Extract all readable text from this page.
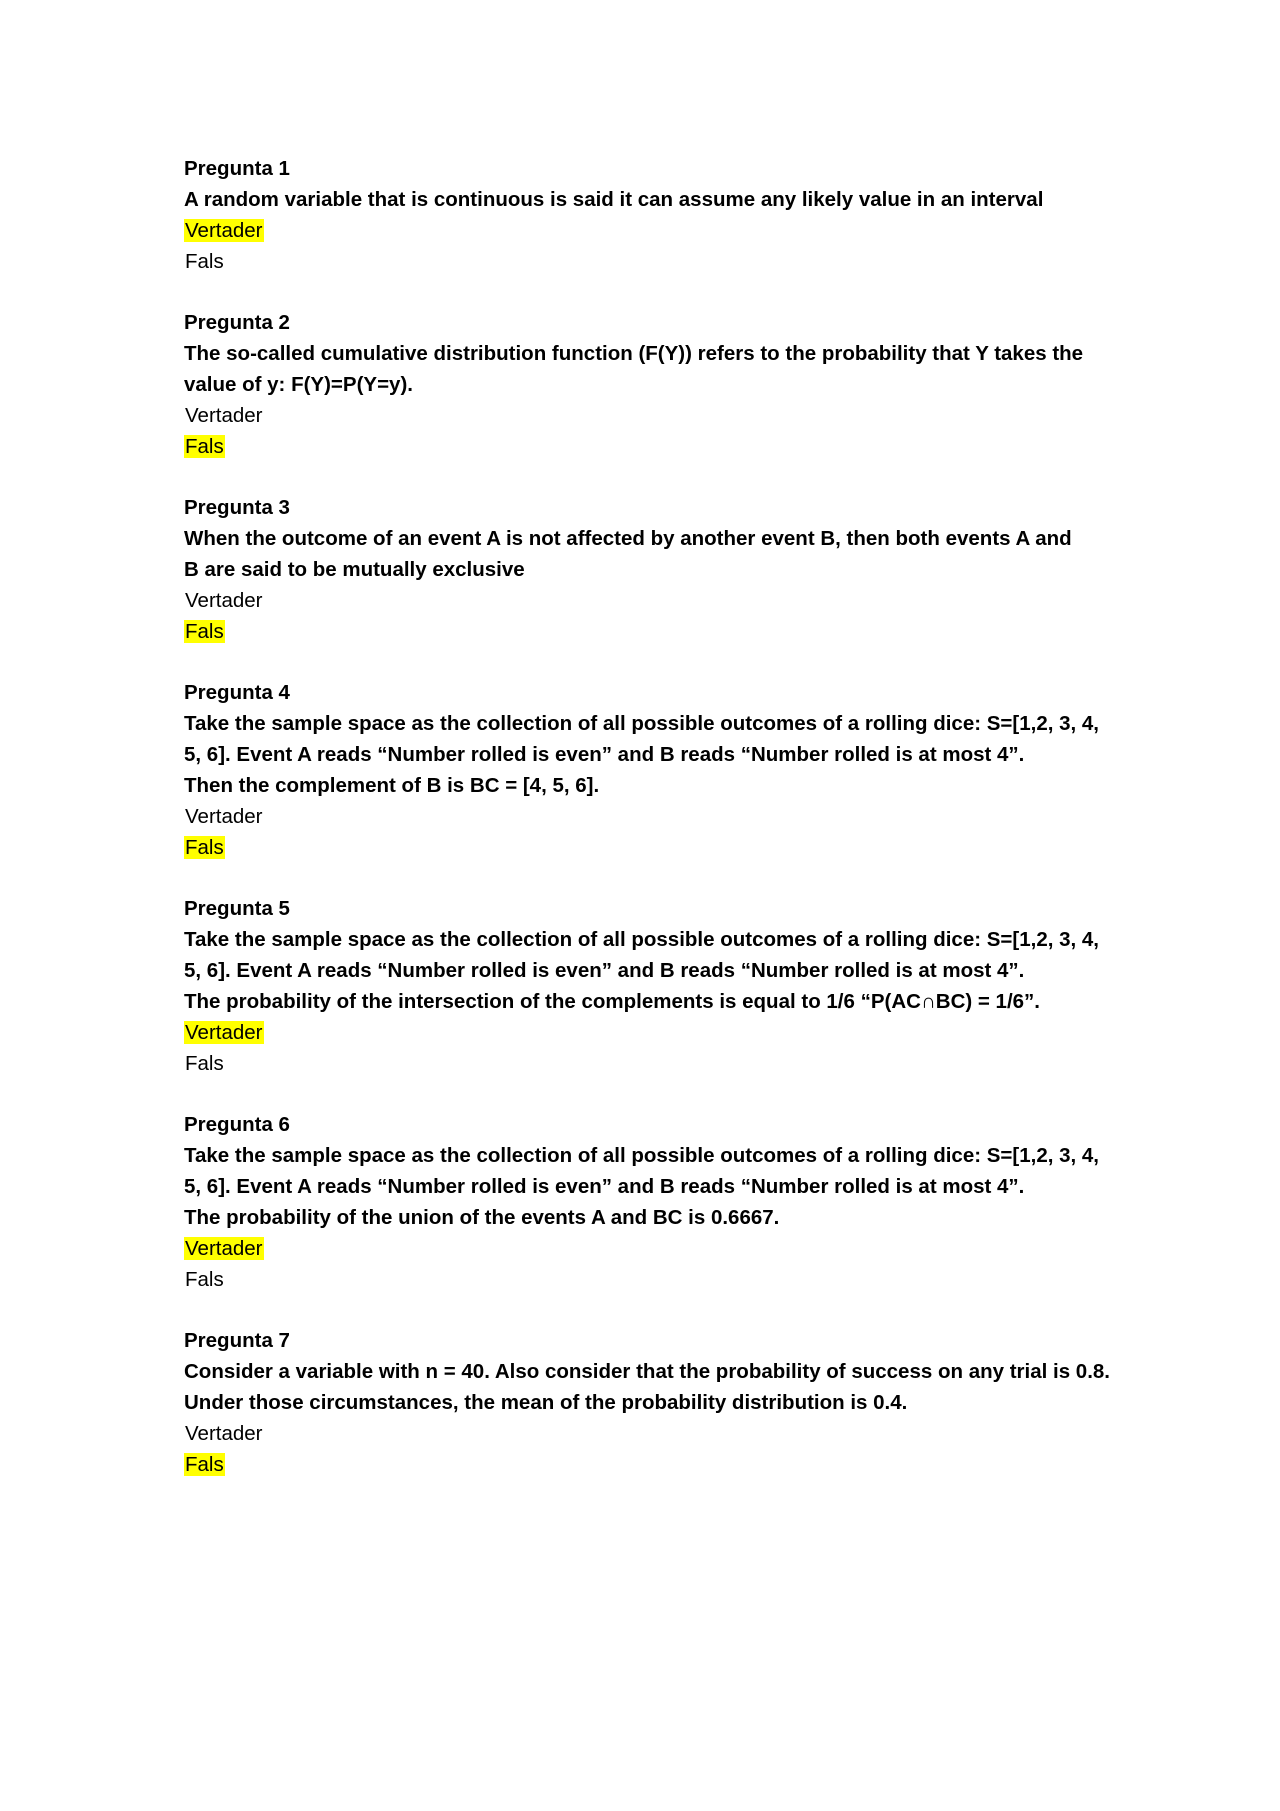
Pregunta 1
A random variable that is continuous is said it can assume any likely value in an interval
Vertader
Fals
Pregunta 2
The so-called cumulative distribution function (F(Y)) refers to the probability that Y takes the
value of y: F(Y)=P(Y=y).
Vertader
Fals
Pregunta 3
When the outcome of an event A is not affected by another event B, then both events A and
B are said to be mutually exclusive
Vertader
Fals
Pregunta 4
Take the sample space as the collection of all possible outcomes of a rolling dice: S=[1,2, 3, 4,
5, 6]. Event A reads “Number rolled is even” and B reads “Number rolled is at most 4”.
Then the complement of B is BC = [4, 5, 6].
Vertader
Fals
Pregunta 5
Take the sample space as the collection of all possible outcomes of a rolling dice: S=[1,2, 3, 4,
5, 6]. Event A reads “Number rolled is even” and B reads “Number rolled is at most 4”.
The probability of the intersection of the complements is equal to 1/6 “P(AC∩BC) = 1/6”.
Vertader
Fals
Pregunta 6
Take the sample space as the collection of all possible outcomes of a rolling dice: S=[1,2, 3, 4,
5, 6]. Event A reads “Number rolled is even” and B reads “Number rolled is at most 4”.
The probability of the union of the events A and BC is 0.6667.
Vertader
Fals
Pregunta 7
Consider a variable with n = 40. Also consider that the probability of success on any trial is 0.8.
Under those circumstances, the mean of the probability distribution is 0.4.
Vertader
Fals
